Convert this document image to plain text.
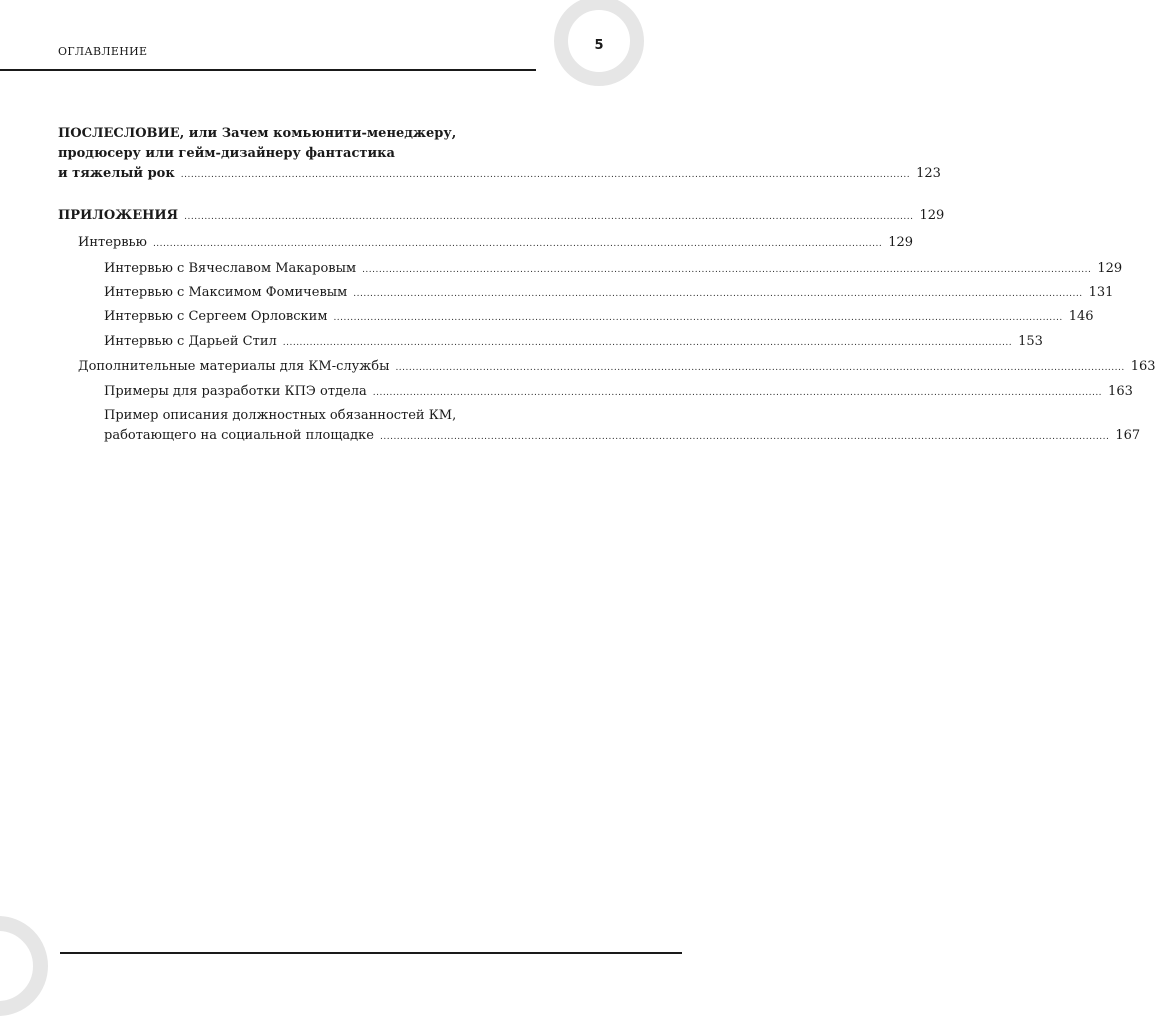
5
ОГЛАВЛЕНИЕ
ПОСЛЕСЛОВИЕ, или Зачем комьюнити-менеджеру,
продюсеру или гейм-дизайнеру фантастика
и тяжелый рок ......................................................................................................................................................................................................................... 123
ПРИЛОЖЕНИЯ ......................................................................................................................................................................................................................... 129
Интервью ......................................................................................................................................................................................................................... 129
Интервью с Вячеславом Макаровым ......................................................................................................................................................................................................................... 129
Интервью с Максимом Фомичевым ......................................................................................................................................................................................................................... 131
Интервью с Сергеем Орловским ......................................................................................................................................................................................................................... 146
Интервью с Дарьей Стил ......................................................................................................................................................................................................................... 153
Дополнительные материалы для КМ-службы ......................................................................................................................................................................................................................... 163
Примеры для разработки КПЭ отдела ......................................................................................................................................................................................................................... 163
Пример описания должностных обязанностей КМ,
работающего на социальной площадке ......................................................................................................................................................................................................................... 167
